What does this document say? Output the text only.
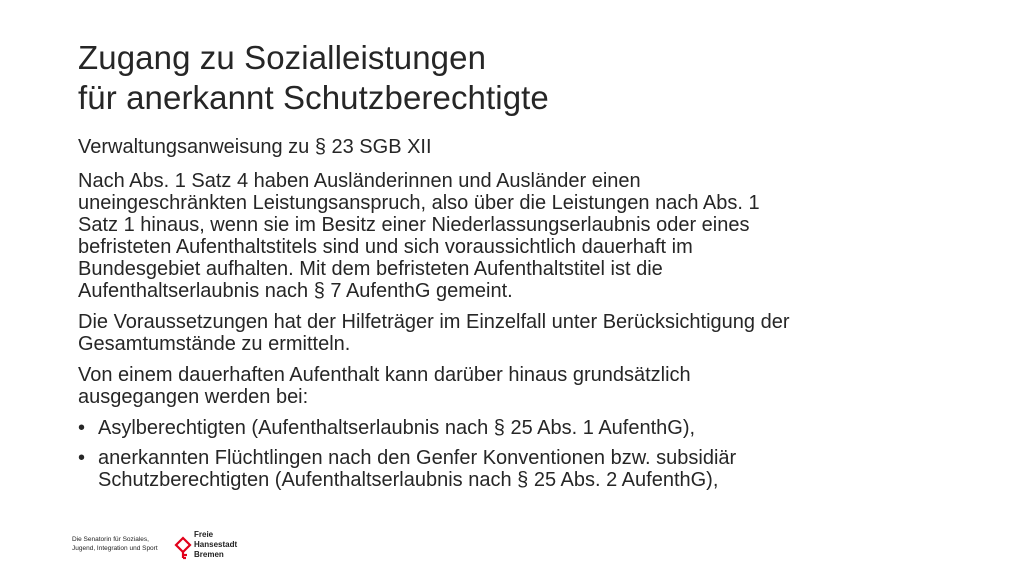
Zugang zu Sozialleistungen
für anerkannt Schutzberechtigte
Verwaltungsanweisung zu § 23 SGB XII
Nach Abs. 1 Satz 4 haben Ausländerinnen und Ausländer einen
uneingeschränkten Leistungsanspruch, also über die Leistungen nach Abs. 1
Satz 1 hinaus, wenn sie im Besitz einer Niederlassungserlaubnis oder eines
befristeten Aufenthaltstitels sind und sich voraussichtlich dauerhaft im
Bundesgebiet aufhalten. Mit dem befristeten Aufenthaltstitel ist die
Aufenthaltserlaubnis nach § 7 AufenthG gemeint.
Die Voraussetzungen hat der Hilfeträger im Einzelfall unter Berücksichtigung der
Gesamtumstände zu ermitteln.
Von einem dauerhaften Aufenthalt kann darüber hinaus grundsätzlich
ausgegangen werden bei:
• Asylberechtigten (Aufenthaltserlaubnis nach § 25 Abs. 1 AufenthG),
• anerkannten Flüchtlingen nach den Genfer Konventionen bzw. subsidiär
Schutzberechtigten (Aufenthaltserlaubnis nach § 25 Abs. 2 AufenthG),
Die Senatorin für Soziales,
Jugend, Integration und Sport
Freie
Hansestadt
Bremen
